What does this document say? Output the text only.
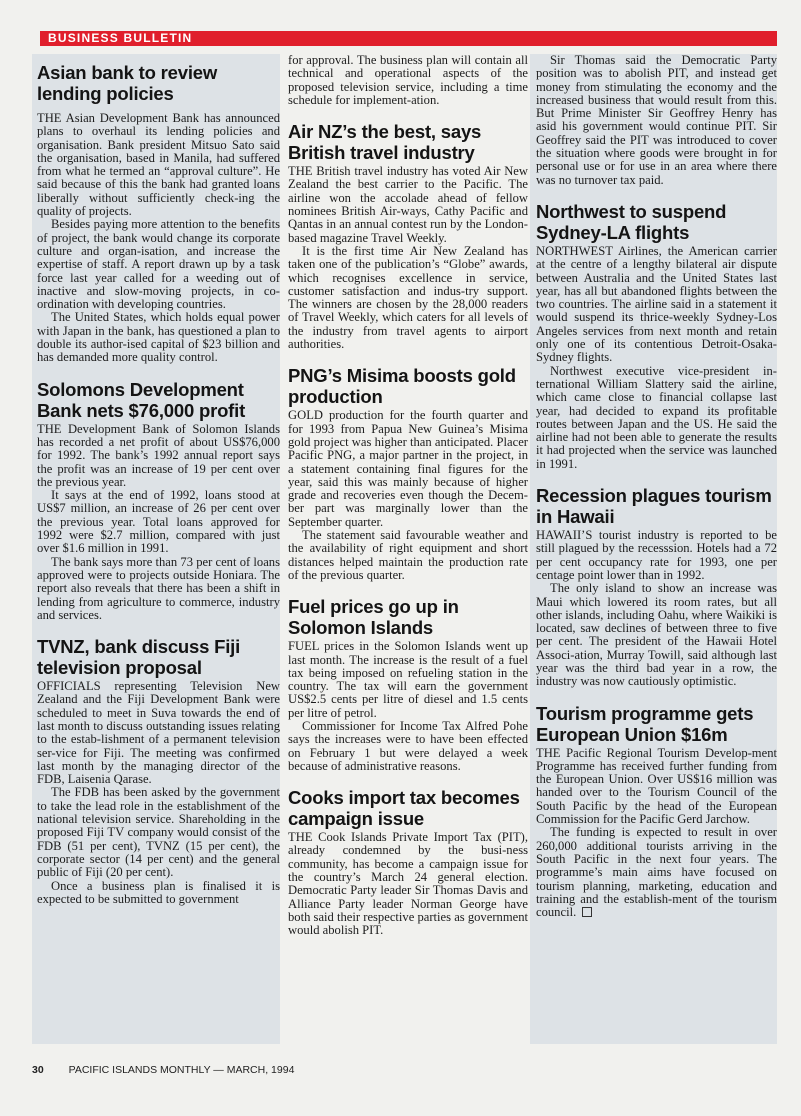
BUSINESS BULLETIN
Asian bank to review lending policies

THE Asian Development Bank has announced plans to overhaul its lending policies and organisation. Bank president Mitsuo Sato said the organisation, based in Manila, had suffered from what he termed an “approval culture”. He said because of this the bank had granted loans liberally without sufficiently check-ing the quality of projects.

Besides paying more attention to the benefits of project, the bank would change its corporate culture and organ-isation, and increase the expertise of staff. A report drawn up by a task force last year called for a weeding out of inactive and slow-moving projects, in co-ordination with developing countries.

The United States, which holds equal power with Japan in the bank, has questioned a plan to double its author-ised capital of $23 billion and has demanded more quality control.

Solomons Development Bank nets $76,000 profit

THE Development Bank of Solomon Islands has recorded a net profit of about US$76,000 for 1992. The bank’s 1992 annual report says the profit was an increase of 19 per cent over the previous year.

It says at the end of 1992, loans stood at US$7 million, an increase of 26 per cent over the previous year. Total loans approved for 1992 were $2.7 million, compared with just over $1.6 million in 1991.

The bank says more than 73 per cent of loans approved were to projects outside Honiara. The report also reveals that there has been a shift in lending from agriculture to commerce, industry and services.

TVNZ, bank discuss Fiji television proposal

OFFICIALS representing Television New Zealand and the Fiji Development Bank were scheduled to meet in Suva towards the end of last month to discuss outstanding issues relating to the estab-lishment of a permanent television ser-vice for Fiji. The meeting was confirmed last month by the managing director of the FDB, Laisenia Qarase.

The FDB has been asked by the government to take the lead role in the establishment of the national television service. Shareholding in the proposed Fiji TV company would consist of the FDB (51 per cent), TVNZ (15 per cent), the corporate sector (14 per cent) and the general public of Fiji (20 per cent).

Once a business plan is finalised it is expected to be submitted to government

for approval. The business plan will contain all technical and operational aspects of the proposed television service, including a time schedule for implement-ation.

Air NZ’s the best, says British travel industry

THE British travel industry has voted Air New Zealand the best carrier to the Pacific. The airline won the accolade ahead of fellow nominees British Air-ways, Cathy Pacific and Qantas in an annual contest run by the London-based magazine Travel Weekly.

It is the first time Air New Zealand has taken one of the publication’s “Globe” awards, which recognises excellence in service, customer satisfaction and indus-try support. The winners are chosen by the 28,000 readers of Travel Weekly, which caters for all levels of the industry from travel agents to airport authorities.

PNG’s Misima boosts gold production

GOLD production for the fourth quarter and for 1993 from Papua New Guinea’s Misima gold project was higher than anticipated. Placer Pacific PNG, a major partner in the project, in a statement containing final figures for the year, said this was mainly because of higher grade and recoveries even though the Decem-ber part was marginally lower than the September quarter.

The statement said favourable weather and the availability of right equipment and short distances helped maintain the production rate of the previous quarter.

Fuel prices go up in Solomon Islands

FUEL prices in the Solomon Islands went up last month. The increase is the result of a fuel tax being imposed on refueling station in the country. The tax will earn the government US$2.5 cents per litre of diesel and 1.5 cents per litre of petrol.

Commissioner for Income Tax Alfred Pohe says the increases were to have been effected on February 1 but were delayed a week because of administrative reasons.

Cooks import tax becomes campaign issue

THE Cook Islands Private Import Tax (PIT), already condemned by the busi-ness community, has become a campaign issue for the country’s March 24 general election. Democratic Party leader Sir Thomas Davis and Alliance Party leader Norman George have both said their respective parties as government would abolish PIT.

Sir Thomas said the Democratic Party position was to abolish PIT, and instead get money from stimulating the economy and the increased business that would result from this. But Prime Minister Sir Geoffrey Henry has asid his government would continue PIT. Sir Geoffrey said the PIT was introduced to cover the situation where goods were brought in for personal use or for use in an area where there was no turnover tax paid.

Northwest to suspend Sydney-LA flights

NORTHWEST Airlines, the American carrier at the centre of a lengthy bilateral air dispute between Australia and the United States last year, has all but abandoned flights between the two countries. The airline said in a statement it would suspend its thrice-weekly Sydney-Los Angeles services from next month and retain only one of its contentious Detroit-Osaka-Sydney flights.

Northwest executive vice-president in-ternational William Slattery said the airline, which came close to financial collapse last year, had decided to expand its profitable routes between Japan and the US. He said the airline had not been able to generate the results it had projected when the service was launched in 1991.

Recession plagues tourism in Hawaii

HAWAII’S tourist industry is reported to be still plagued by the recesssion. Hotels had a 72 per cent occupancy rate for 1993, one per centage point lower than in 1992.

The only island to show an increase was Maui which lowered its room rates, but all other islands, including Oahu, where Waikiki is located, saw declines of between three to five per cent. The president of the Hawaii Hotel Associ-ation, Murray Towill, said although last year was the third bad year in a row, the industry was now cautiously optimistic.

Tourism programme gets European Union $16m

THE Pacific Regional Tourism Develop-ment Programme has received further funding from the European Union. Over US$16 million was handed over to the Tourism Council of the South Pacific by the head of the European Commission for the Pacific Gerd Jarchow.

The funding is expected to result in over 260,000 additional tourists arriving in the South Pacific in the next four years. The programme’s main aims have focused on tourism planning, marketing, education and training and the establish-ment of the tourism council.

30 PACIFIC ISLANDS MONTHLY — MARCH, 1994
